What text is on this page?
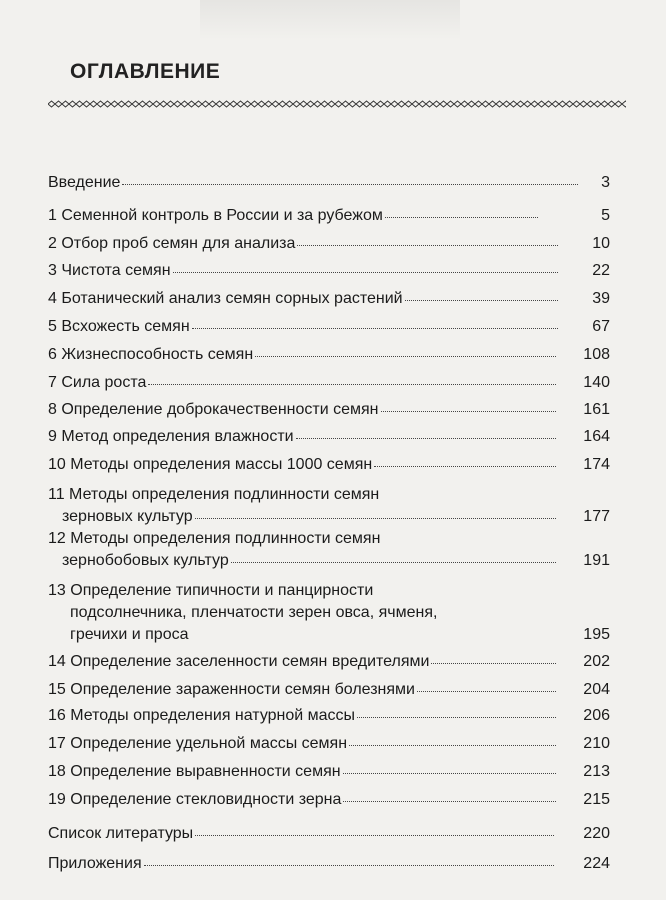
ОГЛАВЛЕНИЕ
Введение	3
1 Семенной контроль в России и за рубежом	5
2 Отбор проб семян для анализа	10
3 Чистота семян	22
4 Ботанический анализ семян сорных растений	39
5 Всхожесть семян	67
6 Жизнеспособность семян	108
7 Сила роста	140
8 Определение доброкачественности семян	161
9 Метод определения влажности	164
10 Методы определения массы 1000 семян	174
11 Методы определения подлинности семян
зерновых культур	177
12 Методы определения подлинности семян
зернобобовых культур	191
13 Определение типичности и панцирности
подсолнечника, пленчатости зерен овса, ячменя,
гречихи и проса	195
14 Определение заселенности семян вредителями	202
15 Определение зараженности семян болезнями	204
16 Методы определения натурной массы	206
17 Определение удельной массы семян	210
18 Определение выравненности семян	213
19 Определение стекловидности зерна	215
Список литературы	220
Приложения	224
